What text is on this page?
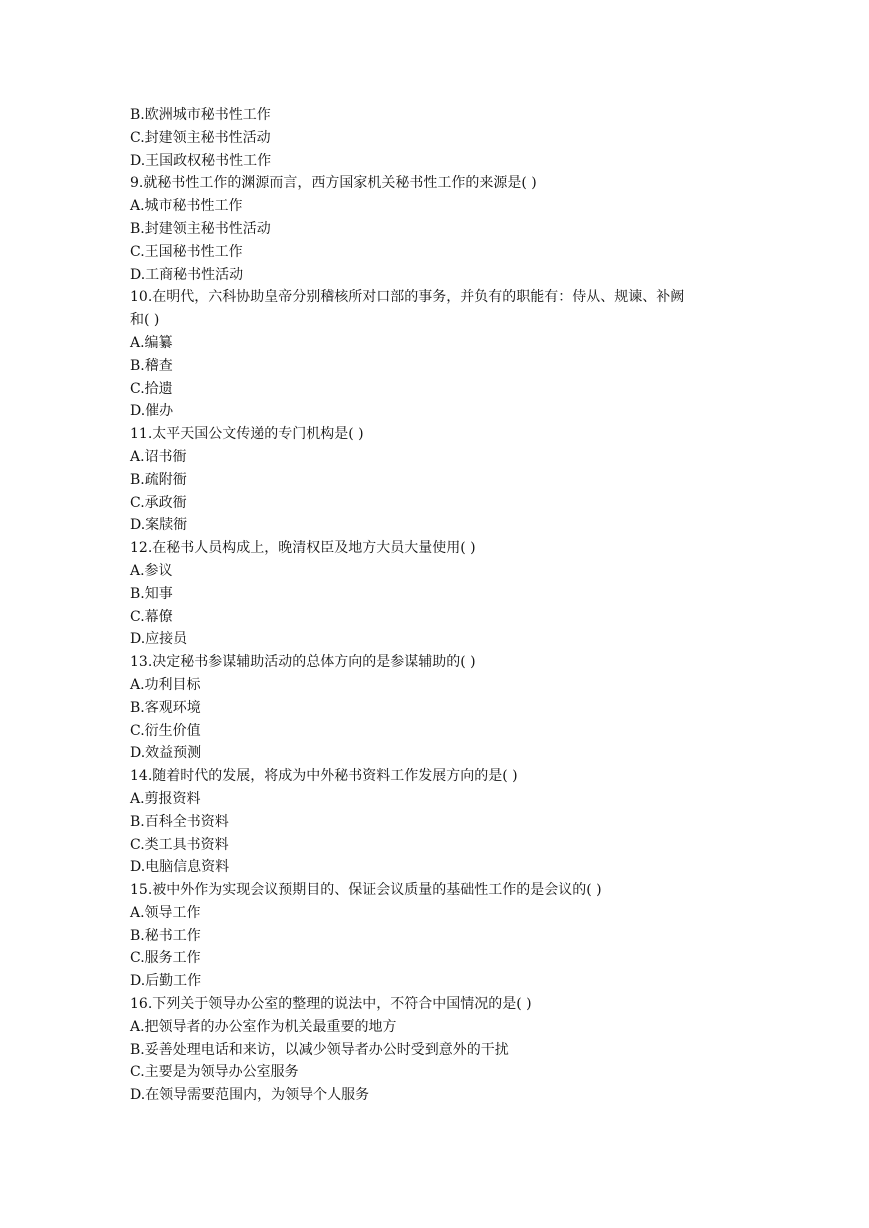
B.欧洲城市秘书性工作
C.封建领主秘书性活动
D.王国政权秘书性工作
9.就秘书性工作的渊源而言，西方国家机关秘书性工作的来源是( )
A.城市秘书性工作
B.封建领主秘书性活动
C.王国秘书性工作
D.工商秘书性活动
10.在明代，六科协助皇帝分别稽核所对口部的事务，并负有的职能有：侍从、规谏、补阙
和( )
A.编纂
B.稽查
C.拾遗
D.催办
11.太平天国公文传递的专门机构是( )
A.诏书衙
B.疏附衙
C.承政衙
D.案牍衙
12.在秘书人员构成上，晚清权臣及地方大员大量使用( )
A.参议
B.知事
C.幕僚
D.应接员
13.决定秘书参谋辅助活动的总体方向的是参谋辅助的( )
A.功利目标
B.客观环境
C.衍生价值
D.效益预测
14.随着时代的发展，将成为中外秘书资料工作发展方向的是( )
A.剪报资料
B.百科全书资料
C.类工具书资料
D.电脑信息资料
15.被中外作为实现会议预期目的、保证会议质量的基础性工作的是会议的( )
A.领导工作
B.秘书工作
C.服务工作
D.后勤工作
16.下列关于领导办公室的整理的说法中，不符合中国情况的是( )
A.把领导者的办公室作为机关最重要的地方
B.妥善处理电话和来访，以减少领导者办公时受到意外的干扰
C.主要是为领导办公室服务
D.在领导需要范围内，为领导个人服务
